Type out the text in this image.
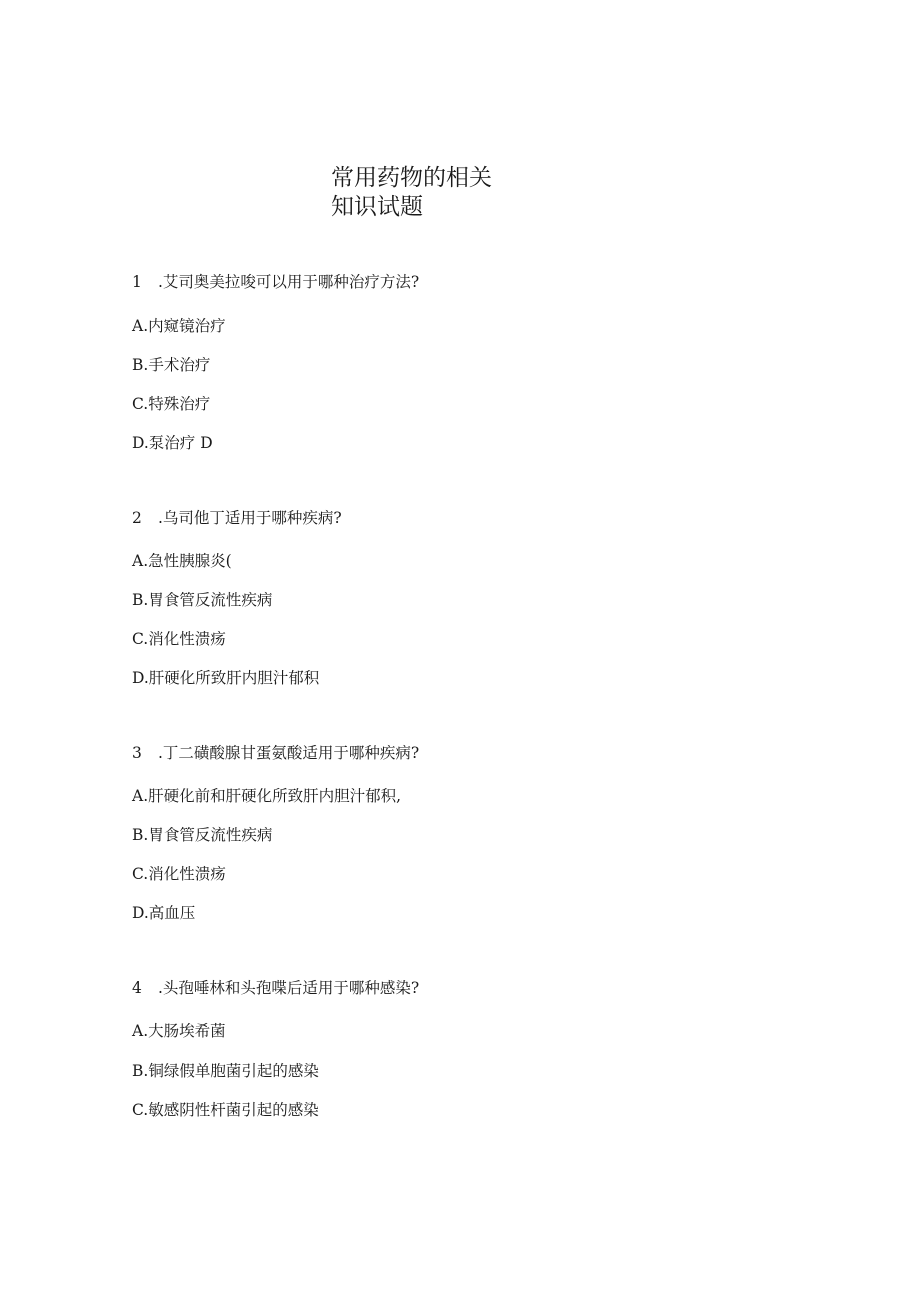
常用药物的相关
知识试题
1 .艾司奥美拉唆可以用于哪种治疗方法?
A.内窥镜治疗
B.手术治疗
C.特殊治疗
D.泵治疗 D
2 .乌司他丁适用于哪种疾病?
A.急性胰腺炎(
B.胃食管反流性疾病
C.消化性溃疡
D.肝硬化所致肝内胆汁郁积
3 .丁二磺酸腺甘蛋氨酸适用于哪种疾病?
A.肝硬化前和肝硬化所致肝内胆汁郁积,
B.胃食管反流性疾病
C.消化性溃疡
D.高血压
4 .头孢唾林和头孢喋后适用于哪种感染?
A.大肠埃希菌
B.铜绿假单胞菌引起的感染
C.敏感阴性杆菌引起的感染
